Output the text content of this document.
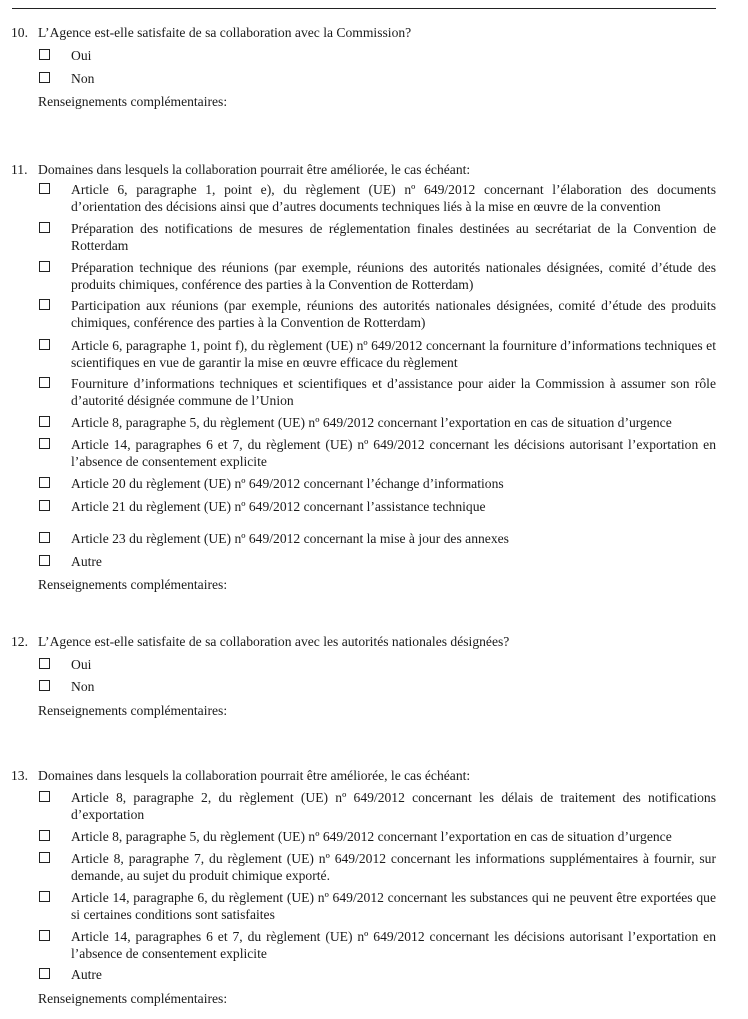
10. L’Agence est-elle satisfaite de sa collaboration avec la Commission?
Oui
Non
Renseignements complémentaires:
11. Domaines dans lesquels la collaboration pourrait être améliorée, le cas échéant:
Article 6, paragraphe 1, point e), du règlement (UE) nº 649/2012 concernant l’élaboration des documents d’orientation des décisions ainsi que d’autres documents techniques liés à la mise en œuvre de la convention
Préparation des notifications de mesures de réglementation finales destinées au secrétariat de la Convention de Rotterdam
Préparation technique des réunions (par exemple, réunions des autorités nationales désignées, comité d’étude des produits chimiques, conférence des parties à la Convention de Rotterdam)
Participation aux réunions (par exemple, réunions des autorités nationales désignées, comité d’étude des produits chimiques, conférence des parties à la Convention de Rotterdam)
Article 6, paragraphe 1, point f), du règlement (UE) nº 649/2012 concernant la fourniture d’informations techniques et scientifiques en vue de garantir la mise en œuvre efficace du règlement
Fourniture d’informations techniques et scientifiques et d’assistance pour aider la Commission à assumer son rôle d’autorité désignée commune de l’Union
Article 8, paragraphe 5, du règlement (UE) nº 649/2012 concernant l’exportation en cas de situation d’urgence
Article 14, paragraphes 6 et 7, du règlement (UE) nº 649/2012 concernant les décisions autorisant l’exportation en l’absence de consentement explicite
Article 20 du règlement (UE) nº 649/2012 concernant l’échange d’informations
Article 21 du règlement (UE) nº 649/2012 concernant l’assistance technique
Article 23 du règlement (UE) nº 649/2012 concernant la mise à jour des annexes
Autre
Renseignements complémentaires:
12. L’Agence est-elle satisfaite de sa collaboration avec les autorités nationales désignées?
Oui
Non
Renseignements complémentaires:
13. Domaines dans lesquels la collaboration pourrait être améliorée, le cas échéant:
Article 8, paragraphe 2, du règlement (UE) nº 649/2012 concernant les délais de traitement des notifications d’exportation
Article 8, paragraphe 5, du règlement (UE) nº 649/2012 concernant l’exportation en cas de situation d’urgence
Article 8, paragraphe 7, du règlement (UE) nº 649/2012 concernant les informations supplémentaires à fournir, sur demande, au sujet du produit chimique exporté.
Article 14, paragraphe 6, du règlement (UE) nº 649/2012 concernant les substances qui ne peuvent être exportées que si certaines conditions sont satisfaites
Article 14, paragraphes 6 et 7, du règlement (UE) nº 649/2012 concernant les décisions autorisant l’exportation en l’absence de consentement explicite
Autre
Renseignements complémentaires:
